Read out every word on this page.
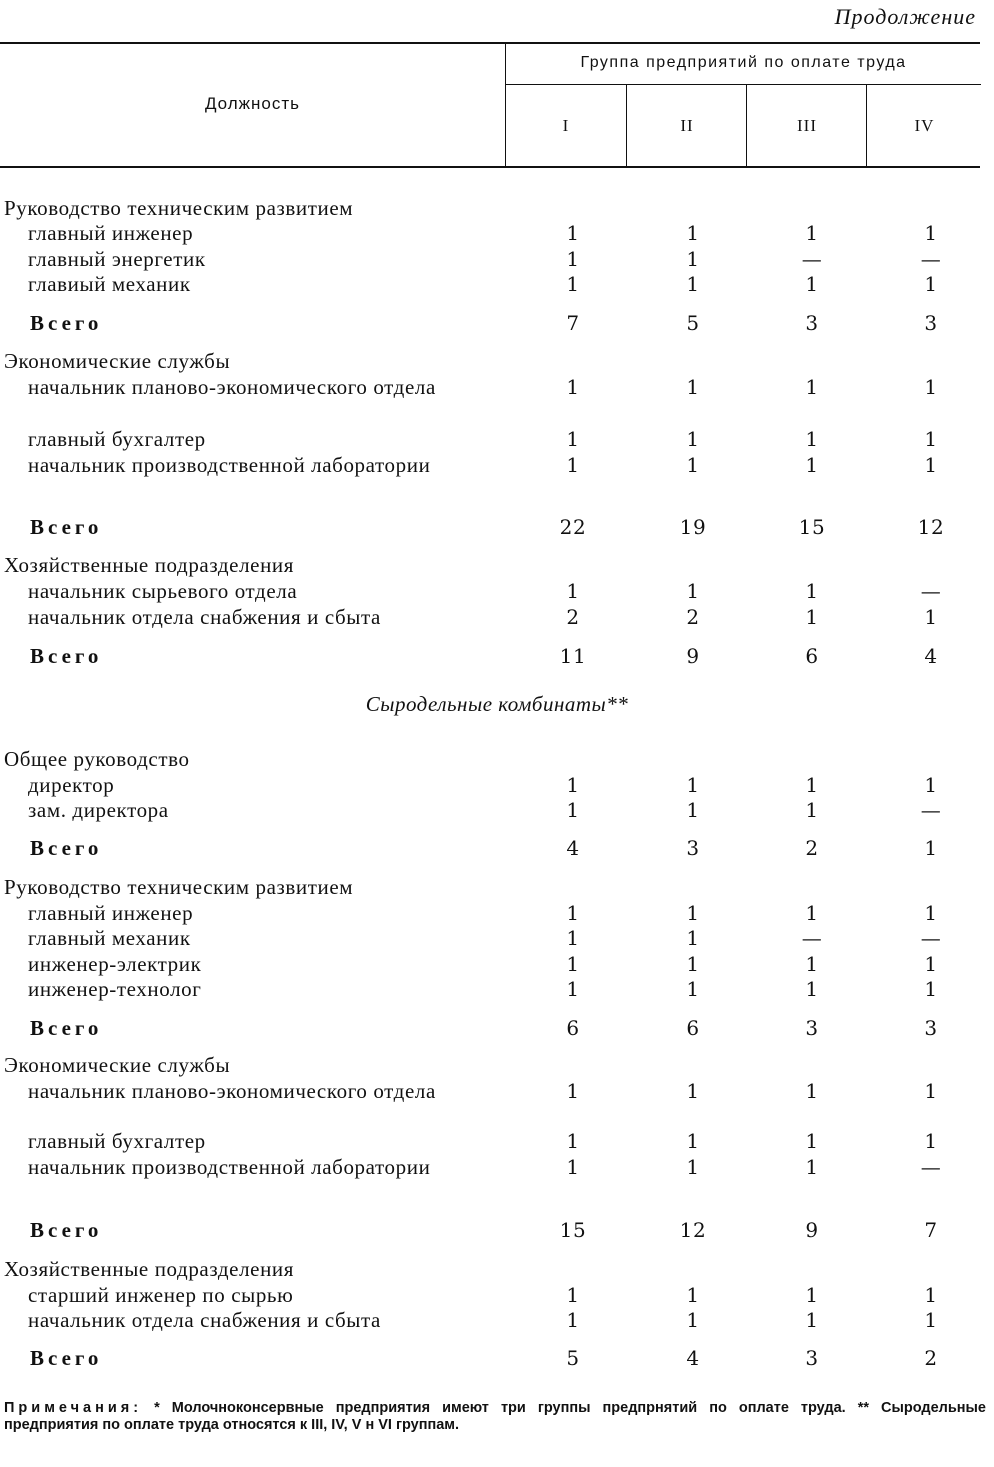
Продолжение
Должность
Группа предприятий по оплате труда
I	II	III	IV
Руководство техническим развитием
главный инженер	1	1	1	1
главный энергетик	1	1	—	—
главиый механик	1	1	1	1
Всего	7	5	3	3
Экономические службы
начальник планово-экономического отдела	1	1	1	1
главный бухгалтер	1	1	1	1
начальник производственной лаборатории	1	1	1	1
Всего	22	19	15	12
Хозяйственные подразделения
начальник сырьевого отдела	1	1	1	—
начальник отдела снабжения и сбыта	2	2	1	1
Всего	11	9	6	4
Общее руководство
директор	1	1	1	1
зам. директора	1	1	1	—
Всего	4	3	2	1
Руководство техническим развитием
главный инженер	1	1	1	1
главный механик	1	1	—	—
инженер-электрик	1	1	1	1
инженер-технолог	1	1	1	1
Всего	6	6	3	3
Экономические службы
начальник планово-экономического отдела	1	1	1	1
главный бухгалтер	1	1	1	1
начальник производственной лаборатории	1	1	1	—
Всего	15	12	9	7
Хозяйственные подразделения
старший инженер по сырью	1	1	1	1
начальник отдела снабжения и сбыта	1	1	1	1
Всего	5	4	3	2
Сыродельные комбинаты**
Примечания: * Молочноконсервные предприятия имеют три группы предпрнятий по оплате труда. ** Сыродельные предприятия по оплате труда относятся к III, IV, V н VI группам.
